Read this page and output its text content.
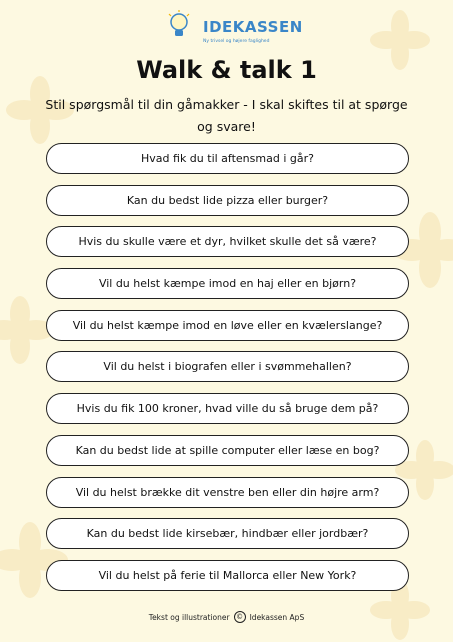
IDEKASSEN
Ny trivsel og højere faglighed
Walk & talk 1
Stil spørgsmål til din gåmakker - I skal skiftes til at spørge og svare!
Hvad fik du til aftensmad i går?
Kan du bedst lide pizza eller burger?
Hvis du skulle være et dyr, hvilket skulle det så være?
Vil du helst kæmpe imod en haj eller en bjørn?
Vil du helst kæmpe imod en løve eller en kvælerslange?
Vil du helst i biografen eller i svømmehallen?
Hvis du fik 100 kroner, hvad ville du så bruge dem på?
Kan du bedst lide at spille computer eller læse en bog?
Vil du helst brække dit venstre ben eller din højre arm?
Kan du bedst lide kirsebær, hindbær eller jordbær?
Vil du helst på ferie til Mallorca eller New York?
Tekst og illustrationer © Idekassen ApS
